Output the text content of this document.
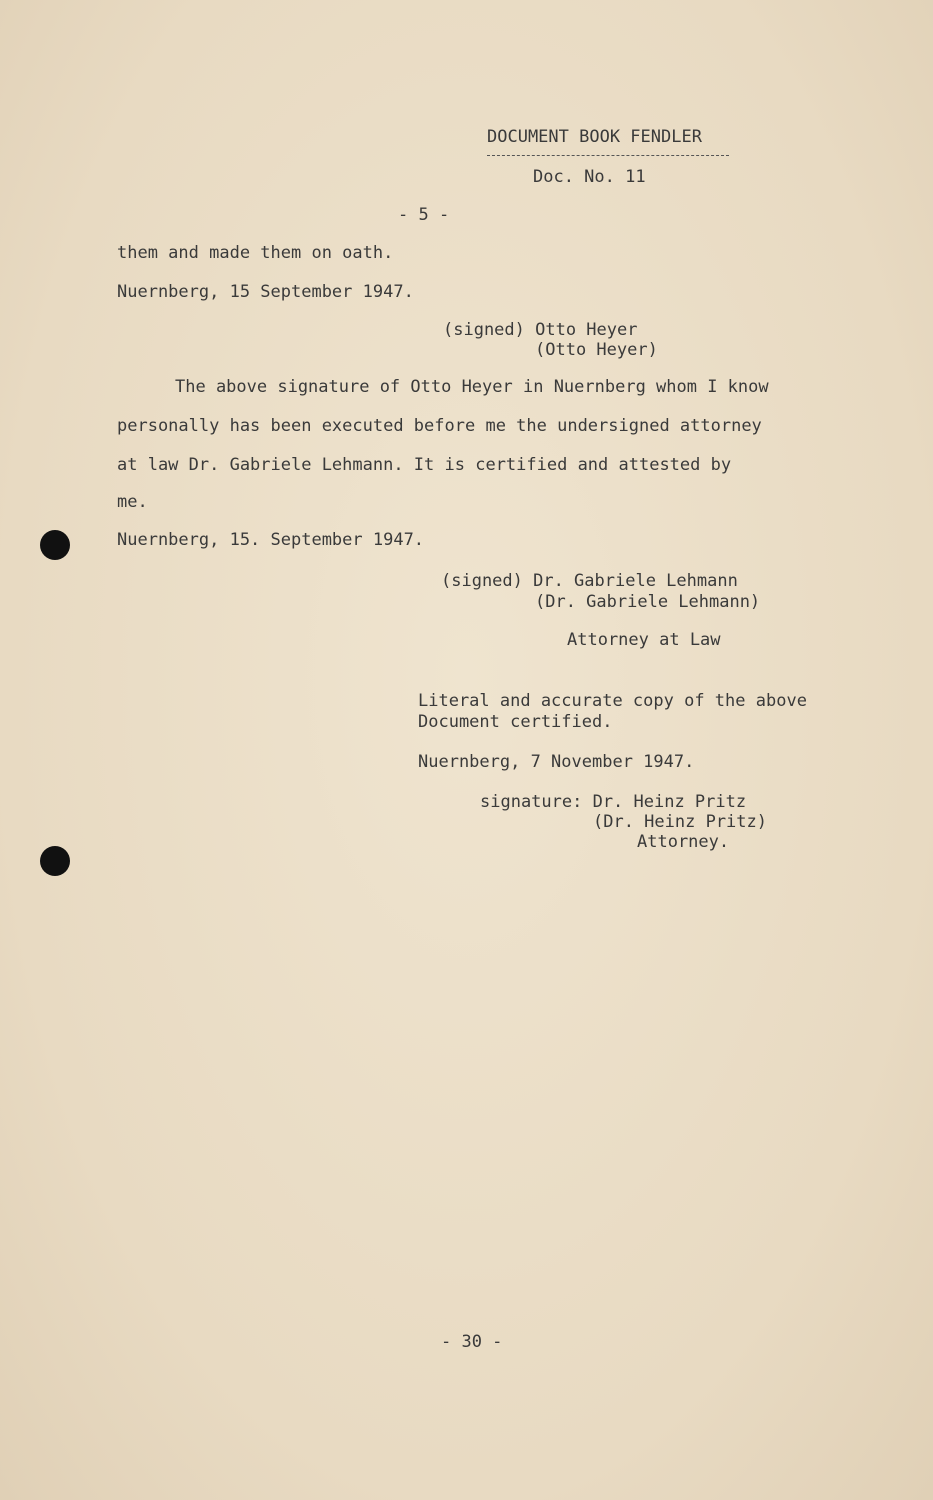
DOCUMENT BOOK FENDLER
Doc. No. 11
- 5 -
them and made them on oath.
Nuernberg, 15 September 1947.
(signed) Otto Heyer
(Otto Heyer)
The above signature of Otto Heyer in Nuernberg whom I know
personally has been executed before me the undersigned attorney
at law Dr. Gabriele Lehmann. It is certified and attested by
me.
Nuernberg, 15. September 1947.
(signed) Dr. Gabriele Lehmann
(Dr. Gabriele Lehmann)
Attorney at Law
Literal and accurate copy of the above
Document certified.
Nuernberg, 7 November 1947.
signature: Dr. Heinz Pritz
(Dr. Heinz Pritz)
Attorney.
- 30 -
